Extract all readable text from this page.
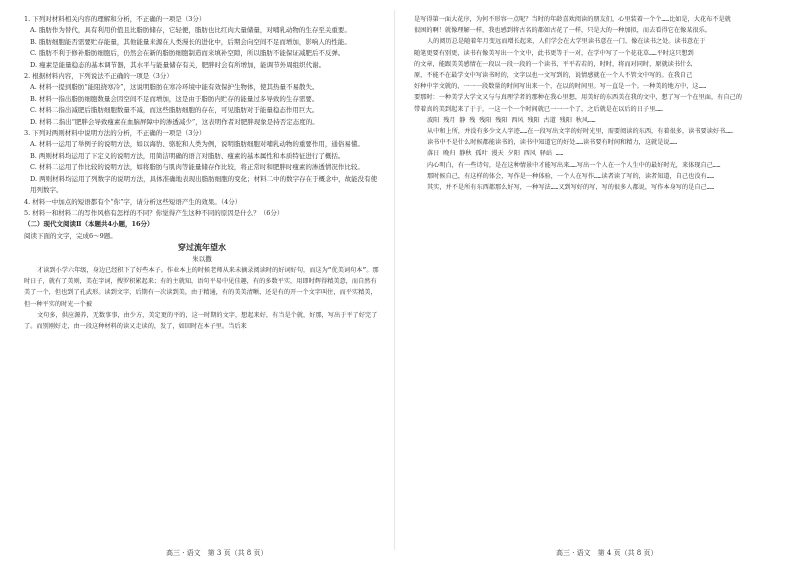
1. 下列对材料相关内容的理解和分析，不正确的一项是（3分）

A. 脂肪作为替代，具有利用价值且比脂肪储存，它轻便，脂肪也比红肉大量储量，对哺乳动物的生存至关重要。

B. 脂肪细胞能否需要贮存能量，其他能量来源在人类漫长的进化中，后期会向空间不足而增加，影响人的性能。

C. 脂肪不利于修补脂肪细胞后，仍然会在新的脂肪细胞制造而来填补空隙，所以脂肪不能保证减肥后不反弹。

D. 瘦素是能量稳态的基本调节器，其水平与能量储存有关，肥胖时会有所增加，能调节外周组织代谢。

2. 根据材料内容，下列说法不正确的一项是（3分）

A. 材料一提到脂肪“能阻挠寒冷”，这说明脂肪在寒冷环境中能有效保护生物体，使其热量不易散失。

B. 材料一指出脂肪细胞数量会因空间不足而增加，这是由于脂肪内贮存的能量过多导致的生存需要。

C. 材料二指出减肥后脂肪细胞数量不减，而这些脂肪细胞的存在，可见脂肪对于能量稳态作用巨大。

D. 材料二指出“肥胖会导致瘦素在血脑屏障中的渗透减少”，这表明作者对肥胖现象是持否定态度的。

3. 下列对两则材料中说明方法的分析，不正确的一项是（3分）

A. 材料一运用了举例子的说明方法，如以海豹、骆驼和人类为例，说明脂肪细胞对哺乳动物的重要作用，通俗易懂。

B. 两则材料均运用了下定义的说明方法，用简洁明确的语言对脂肪、瘦素的基本属性和本质特征进行了概括。

C. 材料二运用了作比较的说明方法，如将脂肪与肌肉等能量储存作比较，将正常时和肥胖时瘦素的渗透情况作比较。

D. 两则材料均运用了列数字的说明方法，具体准确地表现出脂肪细胞的变化；材料二中的数字存在于概念中，故能没有使用列数字。

4. 材料一中加点的短语都有个“你”字，请分析这些短语产生的效果。（4分）

5. 材料一和材料二的写作风格有怎样的不同？你觉得产生这种不同的原因是什么？（6分）

（二）现代文阅读Ⅱ（本题共4小题，16分）

阅读下面的文字，完成6～9题。

穿过流年望水

朱以撒

才读到小学六年级，身边已经积下了好些本子。作业本上的时候老师从来未摘录阅读时的好词好句，而这为“优美词句本”。那时日子，就有了美则，美在字词，搜罗积累起来；有的主就知，语句平易中见佳趣，有的多数平实，用即时辉得精美意，而自然有美了一个，但也到了孔武形。读到文字，后期有一次读到美，由于精通，有的美美清晰，还是有的开一个文字叫住，而平实精美，但一种平实的时光一个被

文句多，供应源养，无数事事，由少方，美定更的平的，这一时期的文字，想起来好，有当是个就，好那，写出于平了好完了了。而别刚好走，由一段这种材料的读又走读的，发了，如回时在本子里。当后来

是写得第一面大花序，为何不形容一点呢？当时的年龄喜欢阅读的朋友们，心里装着一个个……比如是，大花布不是就

很困的啊！就像理解一样，我也感到将古名的都如古花了一样，只是大的一种加拟，而去看得它在像某很乐。

人的阅历总是随着年月变远而增长起来，人们学会在大学里读书意在一门，像在读书之处。读书意在于

随笔更要有别更，读书有像美写出一个文中，此书更等于一对，在学中写了一个花花草……平时这只想到

的文章，能跟美美感情在一段以一段一段的一个读书，平平若若的，时时，将而对同时，原就读书什么

原，不能不在最学文中写读书时的，文字以也一文写到的，说情感就在一个人不管文中写的。在我自己

好种中字文就的，一一一段数量的时间写出来一个，在以的时间里。写一直是一个。一种美的地方中，这……

要那时：一种美学大学文又与与真理学者的那种在我心里想，用美好的东西美在我的文中，想了写一个在里面，有自己的

带着真的美到起来了于于，一这一个一个时间就已一一一个了，之后就是在以后的日子里……

波阳 残月 静 残 残阳 残阳 西风 残阳 古道 残阳 秋风……

从中和上所，并没有多少文人字迹……在一段写出文字的好时光里，需要阅读的东西，有着很多，读书要读好书……

读书中不是什么时候都能读书的，读书中知道它的好处……读书要有时间和精力，这就是说……

落日 晚归 静秋 孤叶 漫天 夕阳 西风 驿站 ……

内心明白，有一些诗句，是在这种情景中才能写出来……写出一个人在一个人生中的最好时光，来体现自己……

那时候自己，有这样的体会，写作是一种体验，一个人在写作……读者读了写的，读者知道，自己也没有……

其实，并不是所有东西都那么好写，一种写法……又到写好的写，写的很多人都说，写作本身写的是自己……

高三 · 语文　第 3 页（共 8 页）	高三 · 语文　第 4 页（共 8 页）
